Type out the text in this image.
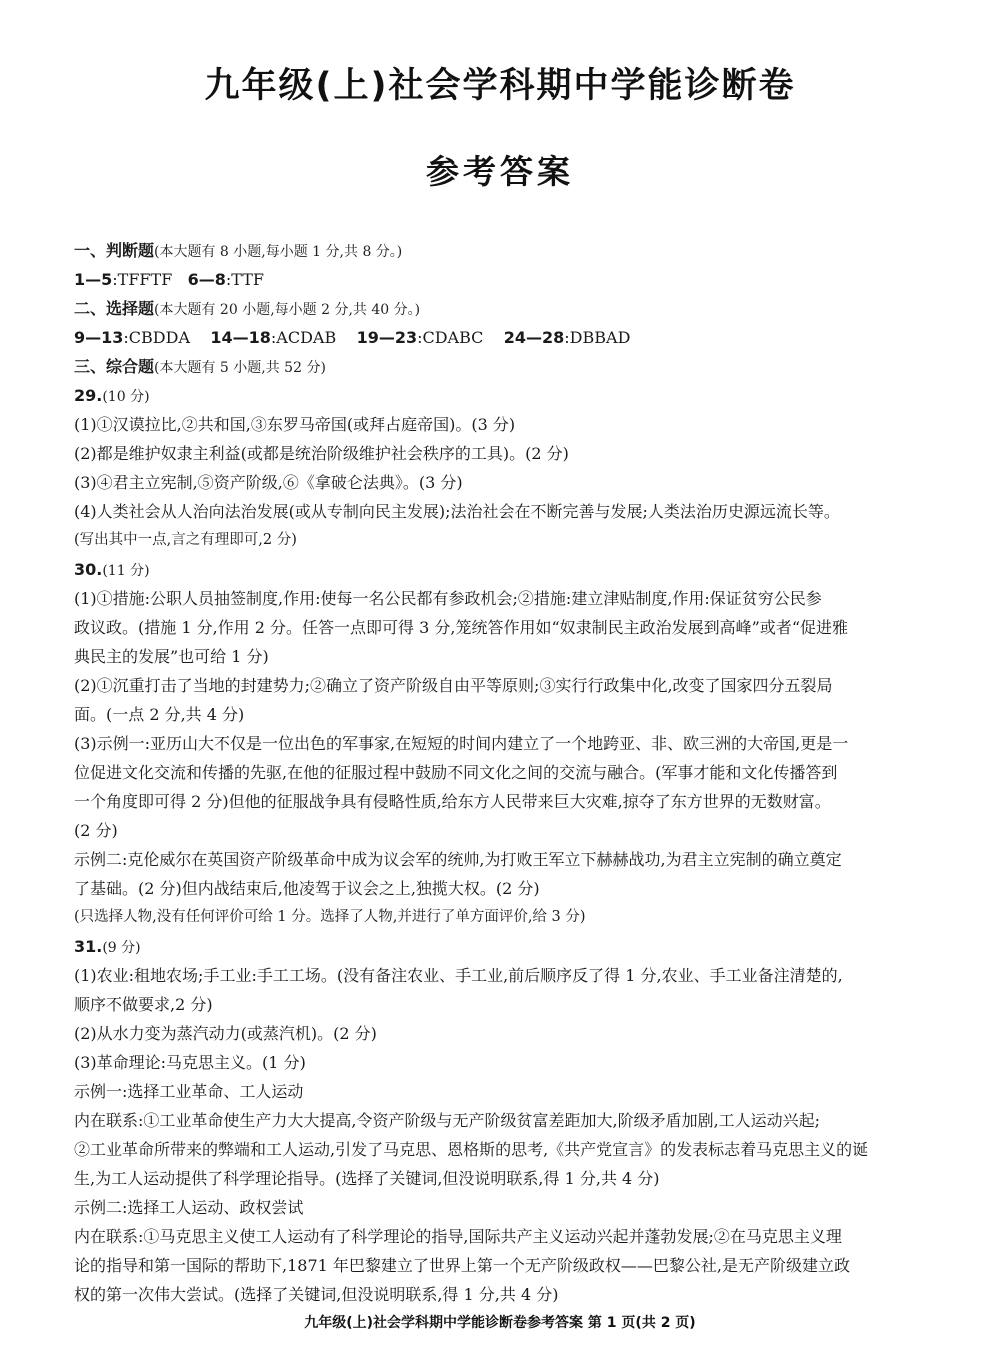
九年级(上)社会学科期中学能诊断卷
参考答案
一、判断题(本大题有 8 小题,每小题 1 分,共 8 分。)
1—5:TFFTF 6—8:TTF
二、选择题(本大题有 20 小题,每小题 2 分,共 40 分。)
9—13:CBDDA 14—18:ACDAB 19—23:CDABC 24—28:DBBAD
三、综合题(本大题有 5 小题,共 52 分)
29.(10 分)
(1)①汉谟拉比,②共和国,③东罗马帝国(或拜占庭帝国)。(3 分)
(2)都是维护奴隶主利益(或都是统治阶级维护社会秩序的工具)。(2 分)
(3)④君主立宪制,⑤资产阶级,⑥《拿破仑法典》。(3 分)
(4)人类社会从人治向法治发展(或从专制向民主发展);法治社会在不断完善与发展;人类法治历史源远流长等。
(写出其中一点,言之有理即可,2 分)
30.(11 分)
(1)①措施:公职人员抽签制度,作用:使每一名公民都有参政机会;②措施:建立津贴制度,作用:保证贫穷公民参
政议政。(措施 1 分,作用 2 分。任答一点即可得 3 分,笼统答作用如“奴隶制民主政治发展到高峰”或者“促进雅
典民主的发展”也可给 1 分)
(2)①沉重打击了当地的封建势力;②确立了资产阶级自由平等原则;③实行行政集中化,改变了国家四分五裂局
面。(一点 2 分,共 4 分)
(3)示例一:亚历山大不仅是一位出色的军事家,在短短的时间内建立了一个地跨亚、非、欧三洲的大帝国,更是一
位促进文化交流和传播的先驱,在他的征服过程中鼓励不同文化之间的交流与融合。(军事才能和文化传播答到
一个角度即可得 2 分)但他的征服战争具有侵略性质,给东方人民带来巨大灾难,掠夺了东方世界的无数财富。
(2 分)
示例二:克伦威尔在英国资产阶级革命中成为议会军的统帅,为打败王军立下赫赫战功,为君主立宪制的确立奠定
了基础。(2 分)但内战结束后,他凌驾于议会之上,独揽大权。(2 分)
(只选择人物,没有任何评价可给 1 分。选择了人物,并进行了单方面评价,给 3 分)
31.(9 分)
(1)农业:租地农场;手工业:手工工场。(没有备注农业、手工业,前后顺序反了得 1 分,农业、手工业备注清楚的,
顺序不做要求,2 分)
(2)从水力变为蒸汽动力(或蒸汽机)。(2 分)
(3)革命理论:马克思主义。(1 分)
示例一:选择工业革命、工人运动
内在联系:①工业革命使生产力大大提高,令资产阶级与无产阶级贫富差距加大,阶级矛盾加剧,工人运动兴起;
②工业革命所带来的弊端和工人运动,引发了马克思、恩格斯的思考,《共产党宣言》的发表标志着马克思主义的诞
生,为工人运动提供了科学理论指导。(选择了关键词,但没说明联系,得 1 分,共 4 分)
示例二:选择工人运动、政权尝试
内在联系:①马克思主义使工人运动有了科学理论的指导,国际共产主义运动兴起并蓬勃发展;②在马克思主义理
论的指导和第一国际的帮助下,1871 年巴黎建立了世界上第一个无产阶级政权——巴黎公社,是无产阶级建立政
权的第一次伟大尝试。(选择了关键词,但没说明联系,得 1 分,共 4 分)
九年级(上)社会学科期中学能诊断卷参考答案 第 1 页(共 2 页)
